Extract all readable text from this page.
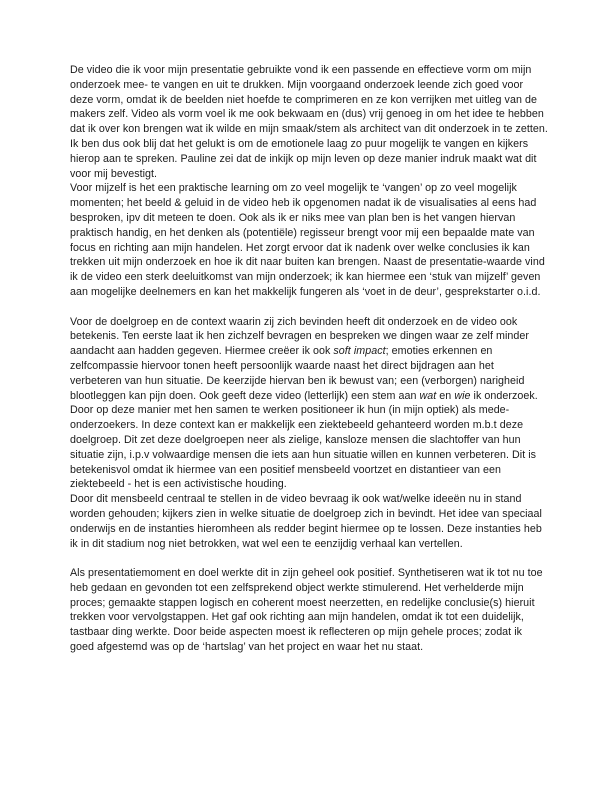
De video die ik voor mijn presentatie gebruikte vond ik een passende en effectieve vorm om mijn onderzoek mee- te vangen en uit te drukken. Mijn voorgaand onderzoek leende zich goed voor deze vorm, omdat ik de beelden niet hoefde te comprimeren en ze kon verrijken met uitleg van de makers zelf. Video als vorm voel ik me ook bekwaam en (dus) vrij genoeg in om het idee te hebben dat ik over kon brengen wat ik wilde en mijn smaak/stem als architect van dit onderzoek in te zetten. Ik ben dus ook blij dat het gelukt is om de emotionele laag zo puur mogelijk te vangen en kijkers hierop aan te spreken. Pauline zei dat de inkijk op mijn leven op deze manier indruk maakt wat dit voor mij bevestigt.

Voor mijzelf is het een praktische learning om zo veel mogelijk te ‘vangen’ op zo veel mogelijk momenten; het beeld & geluid in de video heb ik opgenomen nadat ik de visualisaties al eens had besproken, ipv dit meteen te doen. Ook als ik er niks mee van plan ben is het vangen hiervan praktisch handig, en het denken als (potentiële) regisseur brengt voor mij een bepaalde mate van focus en richting aan mijn handelen. Het zorgt ervoor dat ik nadenk over welke conclusies ik kan trekken uit mijn onderzoek en hoe ik dit naar buiten kan brengen. Naast de presentatie-waarde vind ik de video een sterk deeluitkomst van mijn onderzoek; ik kan hiermee een ‘stuk van mijzelf’ geven aan mogelijke deelnemers en kan het makkelijk fungeren als ‘voet in de deur’, gesprekstarter o.i.d.

Voor de doelgroep en de context waarin zij zich bevinden heeft dit onderzoek en de video ook betekenis. Ten eerste laat ik hen zichzelf bevragen en bespreken we dingen waar ze zelf minder aandacht aan hadden gegeven. Hiermee creëer ik ook soft impact; emoties erkennen en zelfcompassie hiervoor tonen heeft persoonlijk waarde naast het direct bijdragen aan het verbeteren van hun situatie. De keerzijde hiervan ben ik bewust van; een (verborgen) narigheid blootleggen kan pijn doen. Ook geeft deze video (letterlijk) een stem aan wat en wie ik onderzoek. Door op deze manier met hen samen te werken positioneer ik hun (in mijn optiek) als mede-onderzoekers. In deze context kan er makkelijk een ziektebeeld gehanteerd worden m.b.t deze doelgroep. Dit zet deze doelgroepen neer als zielige, kansloze mensen die slachtoffer van hun situatie zijn, i.p.v volwaardige mensen die iets aan hun situatie willen en kunnen verbeteren. Dit is betekenisvol omdat ik hiermee van een positief mensbeeld voortzet en distantieer van een ziektebeeld - het is een activistische houding.

Door dit mensbeeld centraal te stellen in de video bevraag ik ook wat/welke ideeën nu in stand worden gehouden; kijkers zien in welke situatie de doelgroep zich in bevindt. Het idee van speciaal onderwijs en de instanties hieromheen als redder begint hiermee op te lossen. Deze instanties heb ik in dit stadium nog niet betrokken, wat wel een te eenzijdig verhaal kan vertellen.

Als presentatiemoment en doel werkte dit in zijn geheel ook positief. Synthetiseren wat ik tot nu toe heb gedaan en gevonden tot een zelfsprekend object werkte stimulerend. Het verhelderde mijn proces; gemaakte stappen logisch en coherent moest neerzetten, en redelijke conclusie(s) hieruit trekken voor vervolgstappen. Het gaf ook richting aan mijn handelen, omdat ik tot een duidelijk, tastbaar ding werkte. Door beide aspecten moest ik reflecteren op mijn gehele proces; zodat ik goed afgestemd was op de ‘hartslag’ van het project en waar het nu staat.
